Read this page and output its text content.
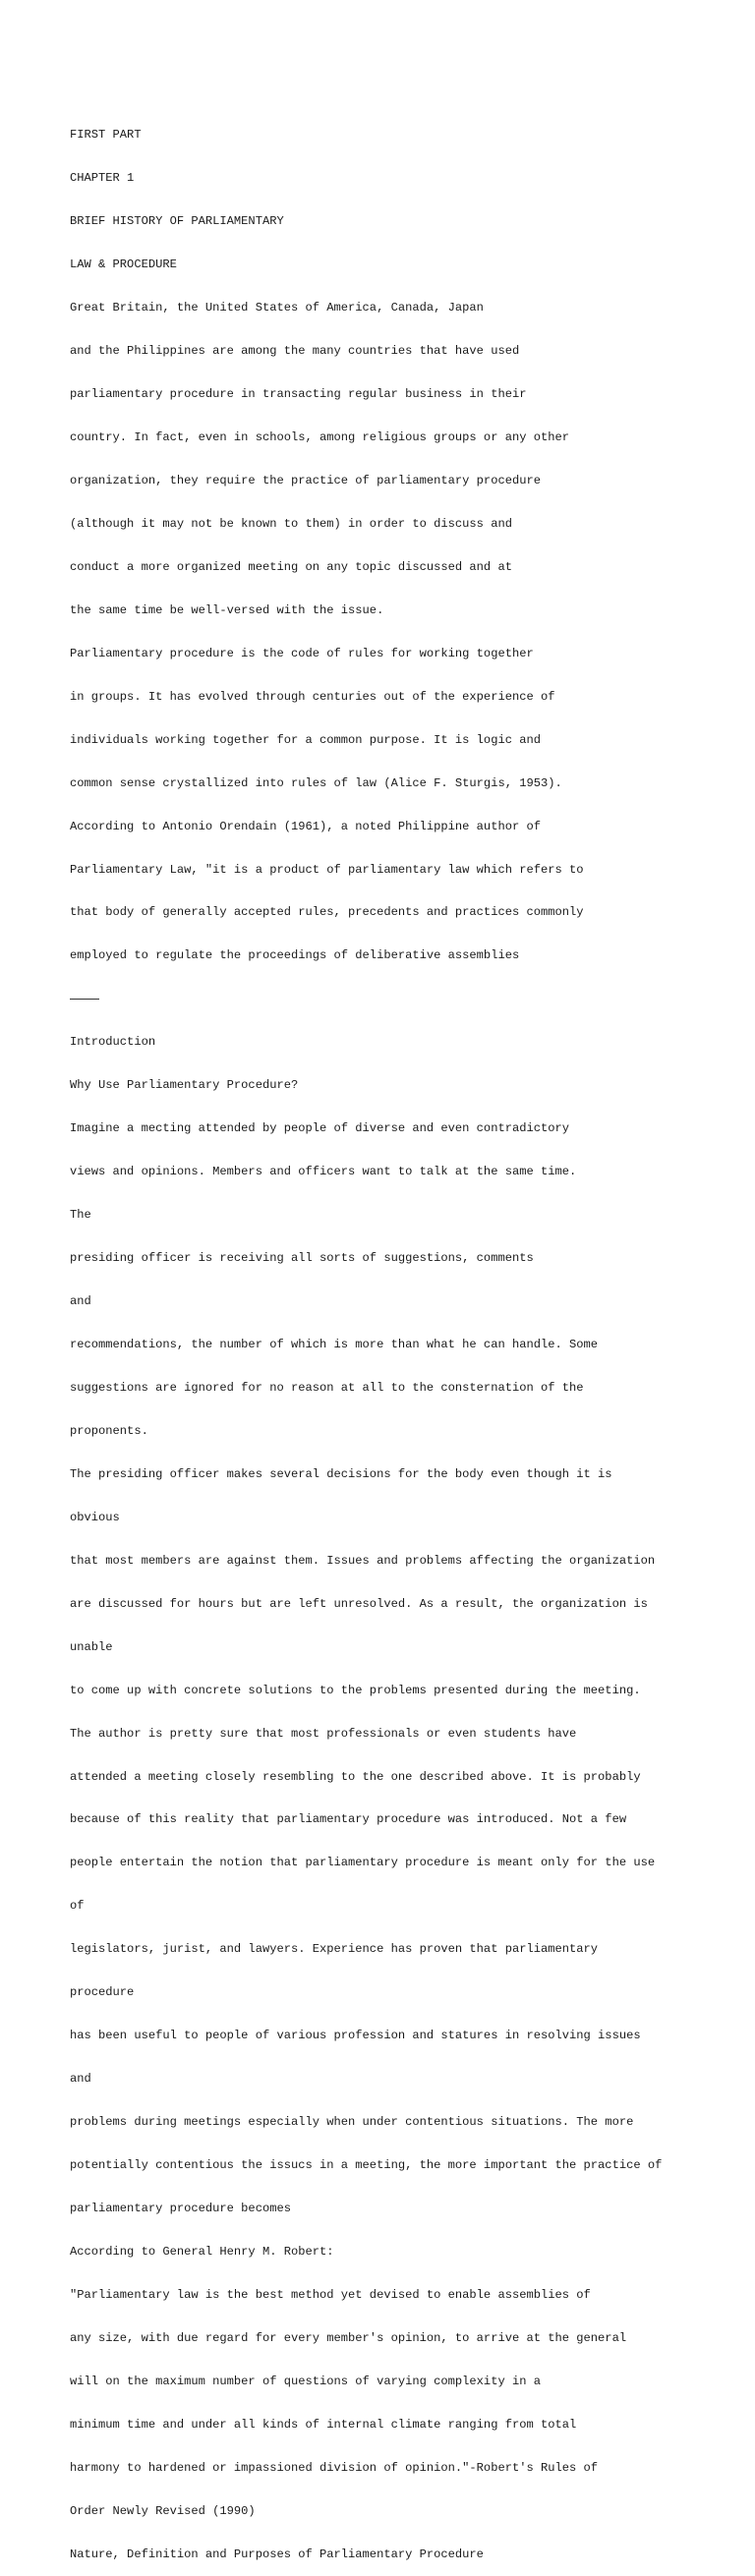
FIRST PART

CHAPTER 1

BRIEF HISTORY OF PARLIAMENTARY

LAW & PROCEDURE

Great Britain, the United States of America, Canada, Japan

and the Philippines are among the many countries that have used

parliamentary procedure in transacting regular business in their

country. In fact, even in schools, among religious groups or any other

organization, they require the practice of parliamentary procedure

(although it may not be known to them) in order to discuss and

conduct a more organized meeting on any topic discussed and at

the same time be well-versed with the issue.

Parliamentary procedure is the code of rules for working together

in groups. It has evolved through centuries out of the experience of

individuals working together for a common purpose. It is logic and

common sense crystallized into rules of law (Alice F. Sturgis, 1953).

According to Antonio Orendain (1961), a noted Philippine author of

Parliamentary Law, "it is a product of parliamentary law which refers to

that body of generally accepted rules, precedents and practices commonly

employed to regulate the proceedings of deliberative assemblies

Introduction

Why Use Parliamentary Procedure?

Imagine a mecting attended by people of diverse and even contradictory

views and opinions. Members and officers want to talk at the same time.

The

presiding officer is receiving all sorts of suggestions, comments

and

recommendations, the number of which is more than what he can handle. Some

suggestions are ignored for no reason at all to the consternation of the

proponents.

The presiding officer makes several decisions for the body even though it is

obvious

that most members are against them. Issues and problems affecting the organization

are discussed for hours but are left unresolved. As a result, the organization is

unable

to come up with concrete solutions to the problems presented during the meeting.

The author is pretty sure that most professionals or even students have

attended a meeting closely resembling to the one described above. It is probably

because of this reality that parliamentary procedure was introduced. Not a few

people entertain the notion that parliamentary procedure is meant only for the use

of

legislators, jurist, and lawyers. Experience has proven that parliamentary

procedure

has been useful to people of various profession and statures in resolving issues

and

problems during meetings especially when under contentious situations. The more

potentially contentious the issucs in a meeting, the more important the practice of

parliamentary procedure becomes

According to General Henry M. Robert:

"Parliamentary law is the best method yet devised to enable assemblies of

any size, with due regard for every member's opinion, to arrive at the general

will on the maximum number of questions of varying complexity in a

minimum time and under all kinds of internal climate ranging from total

harmony to hardened or impassioned division of opinion."-Robert's Rules of

Order Newly Revised (1990)

Nature, Definition and Purposes of Parliamentary Procedure
